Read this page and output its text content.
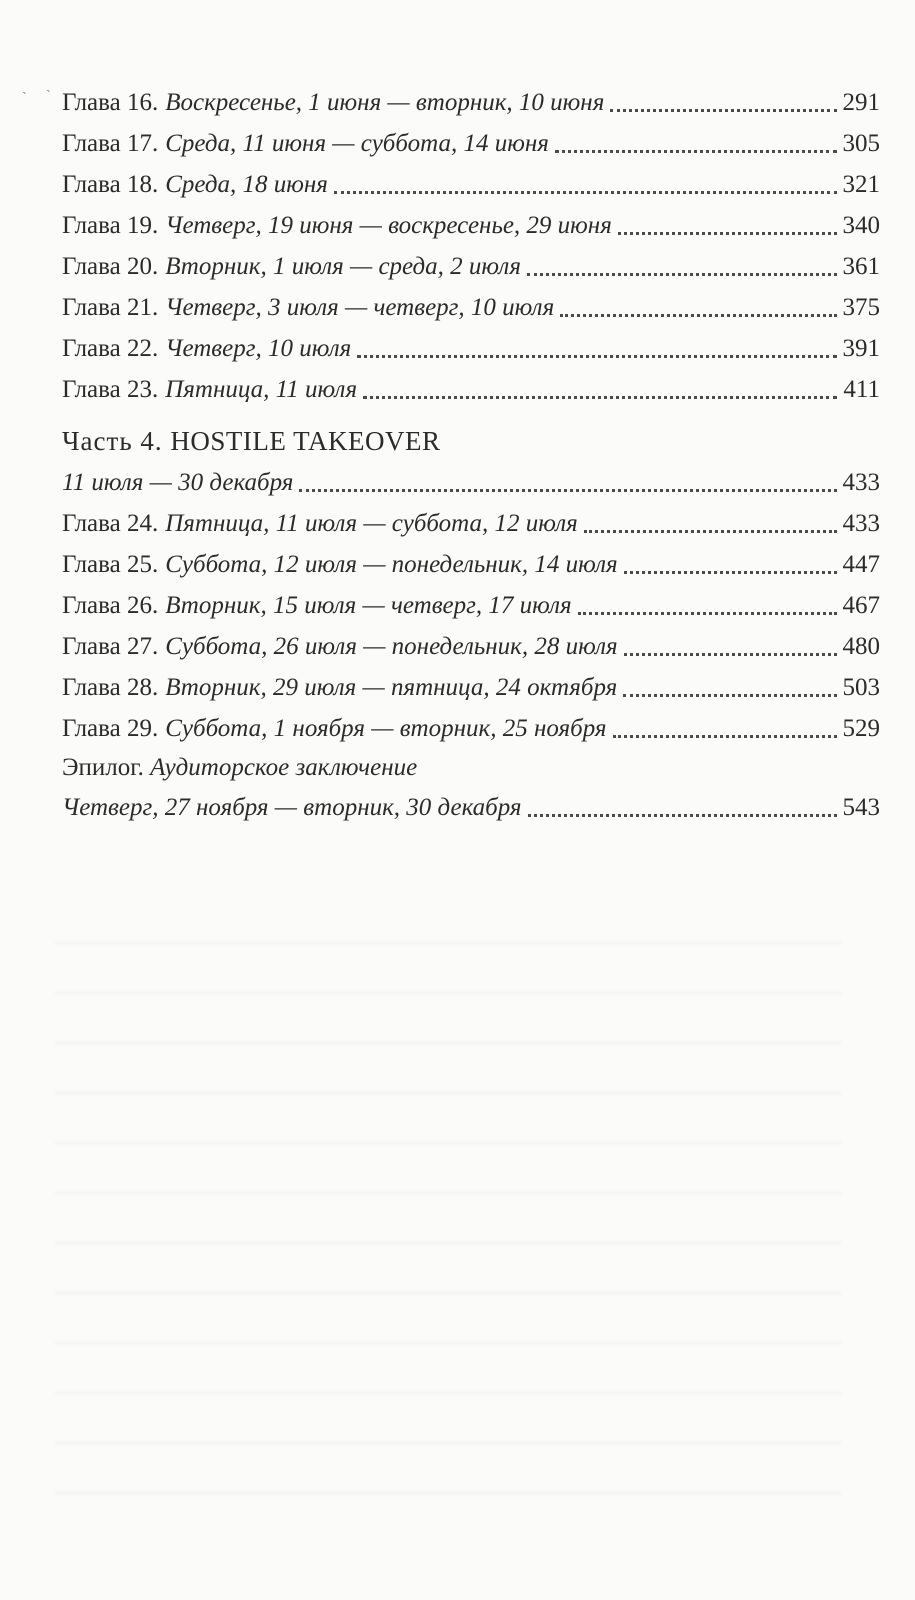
ˎ ˎ
Глава 16. Воскресенье, 1 июня — вторник, 10 июня	291
Глава 17. Среда, 11 июня — суббота, 14 июня	305
Глава 18. Среда, 18 июня	321
Глава 19. Четверг, 19 июня — воскресенье, 29 июня	340
Глава 20. Вторник, 1 июля — среда, 2 июля	361
Глава 21. Четверг, 3 июля — четверг, 10 июля	375
Глава 22. Четверг, 10 июля	391
Глава 23. Пятница, 11 июля	411
Часть 4. HOSTILE TAKEOVER
11 июля — 30 декабря	433
Глава 24. Пятница, 11 июля — суббота, 12 июля	433
Глава 25. Суббота, 12 июля — понедельник, 14 июля	447
Глава 26. Вторник, 15 июля — четверг, 17 июля	467
Глава 27. Суббота, 26 июля — понедельник, 28 июля	480
Глава 28. Вторник, 29 июля — пятница, 24 октября	503
Глава 29. Суббота, 1 ноября — вторник, 25 ноября	529
Эпилог. Аудиторское заключение
Четверг, 27 ноября — вторник, 30 декабря	543
